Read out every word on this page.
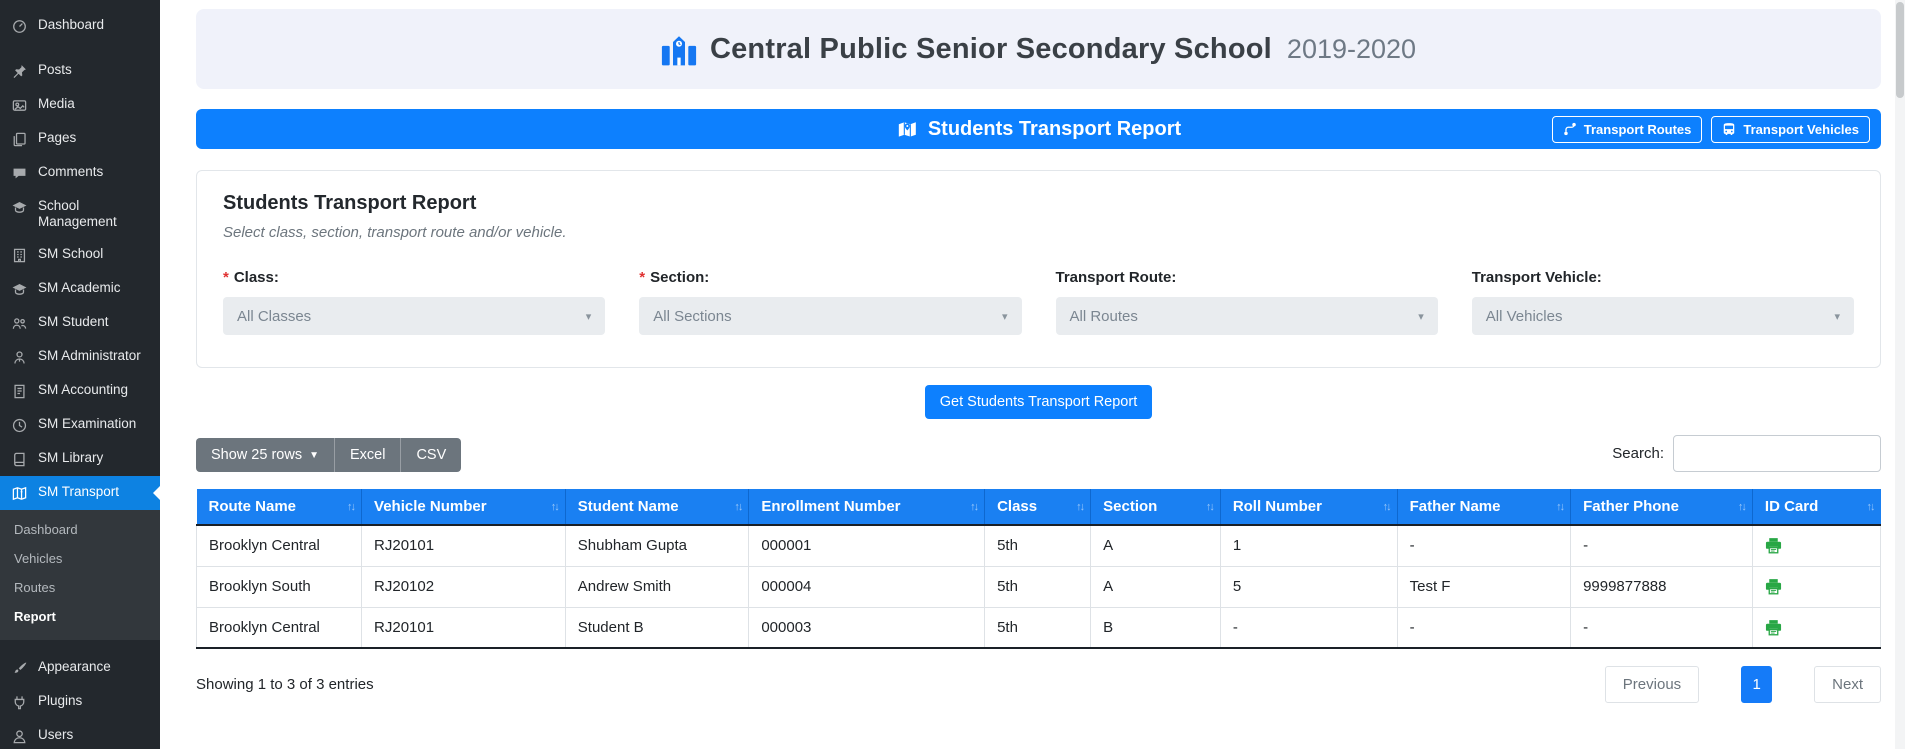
Dashboard
Posts
Media
Pages
Comments
School Management
SM School
SM Academic
SM Student
SM Administrator
SM Accounting
SM Examination
SM Library
SM Transport
Dashboard
Vehicles
Routes
Report
Appearance
Plugins
Users
Central Public Senior Secondary School 2019-2020
Students Transport Report	Transport Routes	Transport Vehicles
Students Transport Report

Select class, section, transport route and/or vehicle.

* Class:
All Classes	▾
* Section:
All Sections	▾
Transport Route:
All Routes	▾
Transport Vehicle:
All Vehicles	▾
Get Students Transport Report
Show 25 rows ▼	Excel	CSV	Search:
Route Name ↑↓	Vehicle Number ↑↓	Student Name ↑↓	Enrollment Number ↑↓	Class ↑↓	Section ↑↓	Roll Number ↑↓	Father Name ↑↓	Father Phone ↑↓	ID Card ↑↓

Brooklyn Central	RJ20101	Shubham Gupta	000001	5th	A	1	-	-	

Brooklyn South	RJ20102	Andrew Smith	000004	5th	A	5	Test F	9999877888	

Brooklyn Central	RJ20101	Student B	000003	5th	B	-	-	-	
Showing 1 to 3 of 3 entries	Previous	1	Next
